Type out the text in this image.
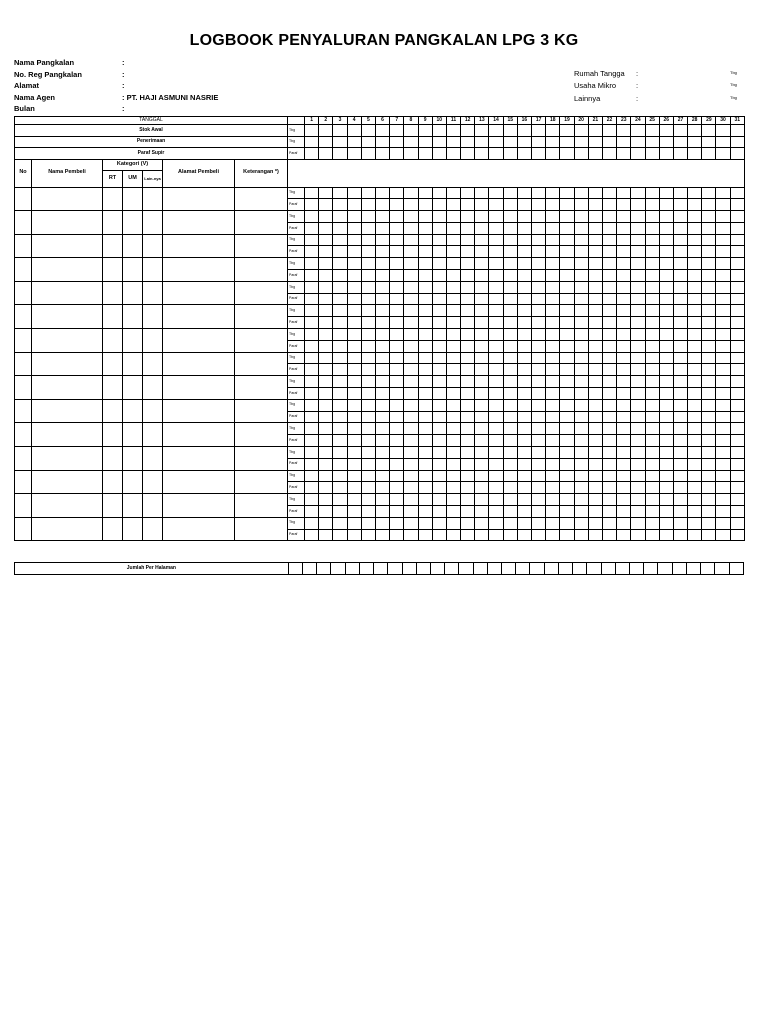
LOGBOOK PENYALURAN PANGKALAN LPG 3 KG
Nama Pangkalan	:
No. Reg Pangkalan	:
Alamat	:
Nama Agen	: PT. HAJI ASMUNI NASRIE
Bulan	:
Rumah Tangga :	Tbg
Usaha Mikro	:	Tbg
Lainnya	:	Tbg
TANGGAL								1	2	3	4	5	6	7	8	9	10	11	12	13	14	15	16	17	18	19	20	21	22	23	24	25	26	27	28	29	30	31
Stok Awal							Tbg																															
Penerimaan							Tbg																															
Paraf Supir							Paraf																															
No	Nama Pembeli	Kategori (V)			Alamat Pembeli	Keterangan *)																																
		RT	UM	Lain-nya																																		
							Tbg																															
							Paraf																															
							Tbg																															
							Paraf																															
							Tbg																															
							Paraf																															
							Tbg																															
							Paraf																															
							Tbg																															
							Paraf																															
							Tbg																															
							Paraf																															
							Tbg																															
							Paraf																															
							Tbg																															
							Paraf																															
							Tbg																															
							Paraf																															
							Tbg																															
							Paraf																															
							Tbg																															
							Paraf																															
							Tbg																															
							Paraf																															
							Tbg																															
							Paraf																															
							Tbg																															
							Paraf																															
							Tbg																															
							Paraf																															
Jumlah Per Halaman																																
